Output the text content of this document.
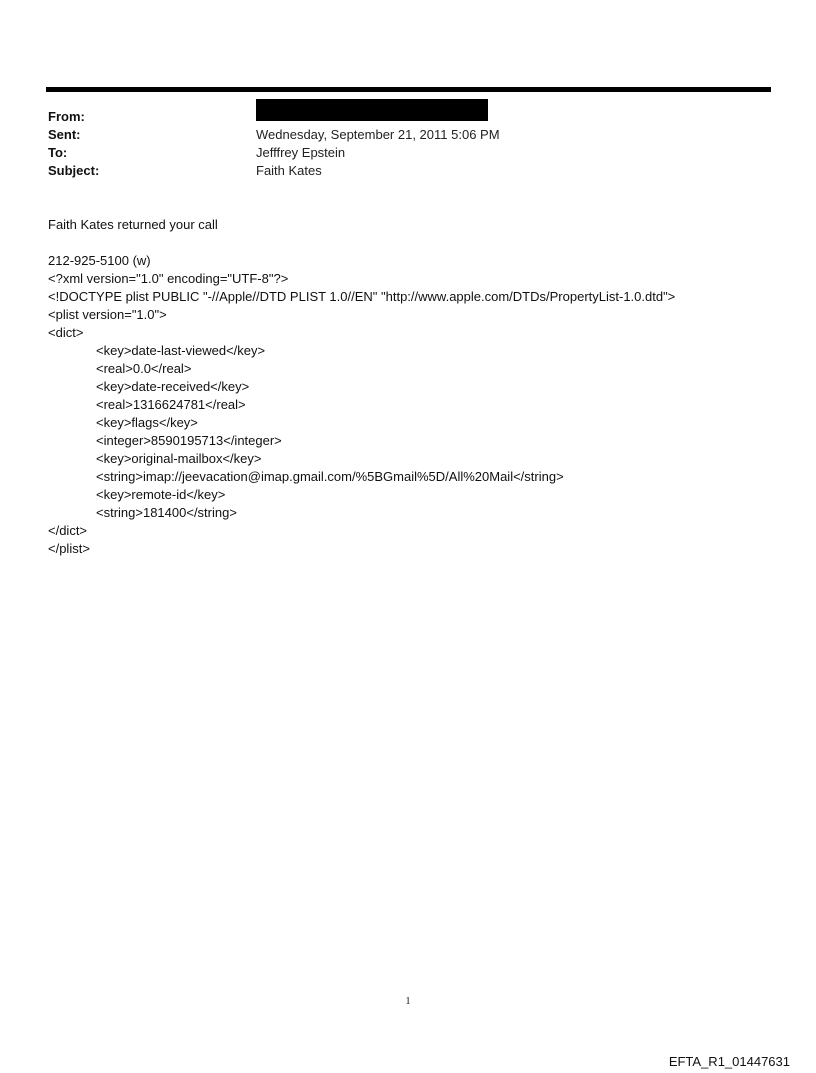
From:
Sent:	Wednesday, September 21, 2011 5:06 PM
To:	Jefffrey Epstein
Subject:	Faith Kates
Faith Kates returned your call
212-925-5100 (w)
<?xml version="1.0" encoding="UTF-8"?>
<!DOCTYPE plist PUBLIC "-//Apple//DTD PLIST 1.0//EN" "http://www.apple.com/DTDs/PropertyList-1.0.dtd">
<plist version="1.0">
<dict>
<key>date-last-viewed</key>
<real>0.0</real>
<key>date-received</key>
<real>1316624781</real>
<key>flags</key>
<integer>8590195713</integer>
<key>original-mailbox</key>
<string>imap://jeevacation@imap.gmail.com/%5BGmail%5D/All%20Mail</string>
<key>remote-id</key>
<string>181400</string>
</dict>
</plist>
1
EFTA_R1_01447631
